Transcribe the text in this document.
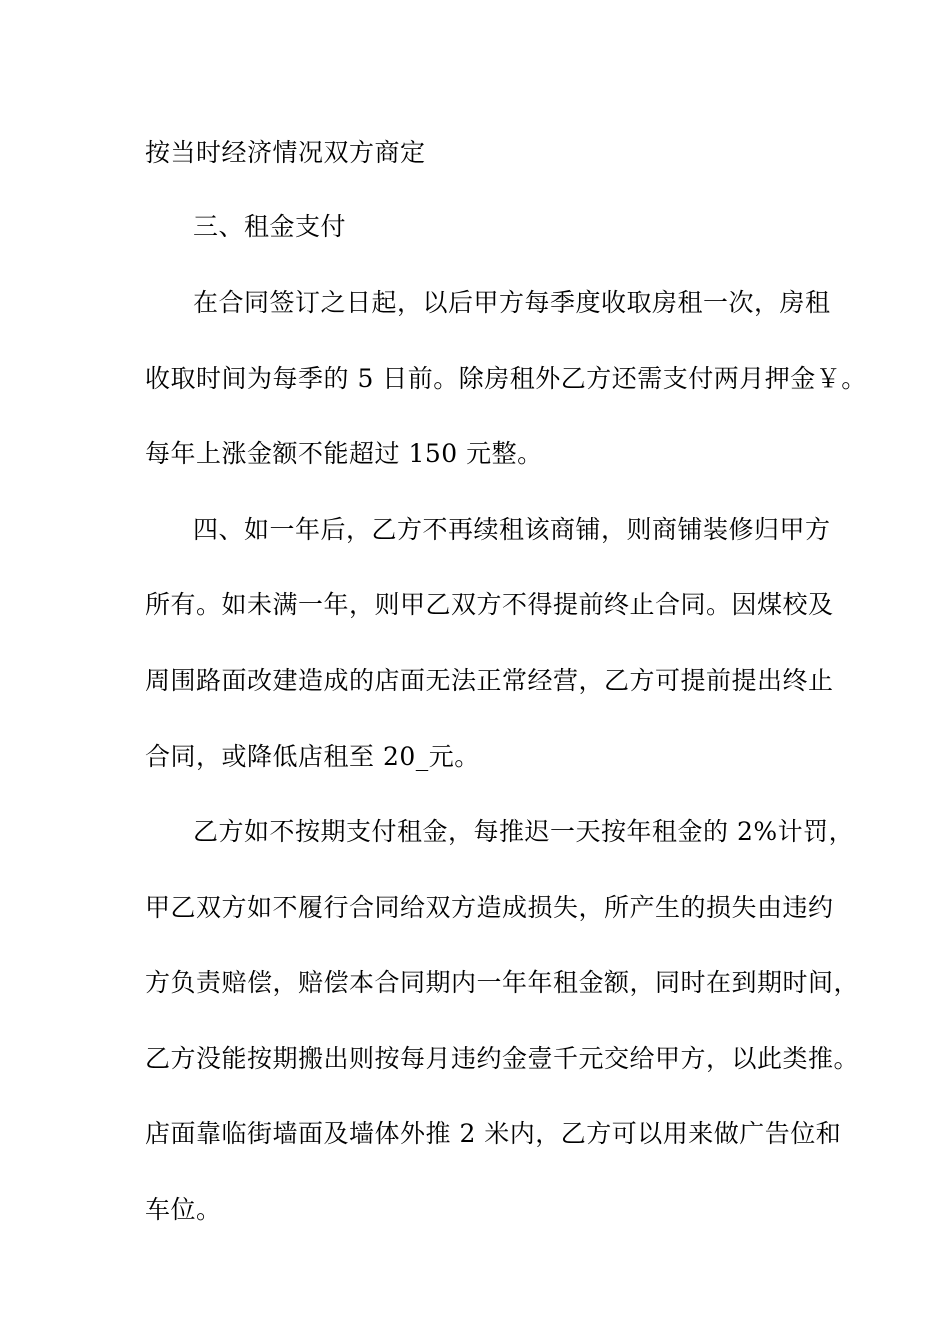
按当时经济情况双方商定
三、租金支付
在合同签订之日起，以后甲方每季度收取房租一次，房租
收取时间为每季的 5 日前。除房租外乙方还需支付两月押金￥。
每年上涨金额不能超过 150 元整。
四、如一年后，乙方不再续租该商铺，则商铺装修归甲方
所有。如未满一年，则甲乙双方不得提前终止合同。因煤校及
周围路面改建造成的店面无法正常经营，乙方可提前提出终止
合同，或降低店租至 20_元。
乙方如不按期支付租金，每推迟一天按年租金的 2%计罚，
甲乙双方如不履行合同给双方造成损失，所产生的损失由违约
方负责赔偿，赔偿本合同期内一年年租金额，同时在到期时间，
乙方没能按期搬出则按每月违约金壹千元交给甲方，以此类推。
店面靠临街墙面及墙体外推 2 米内，乙方可以用来做广告位和
车位。
